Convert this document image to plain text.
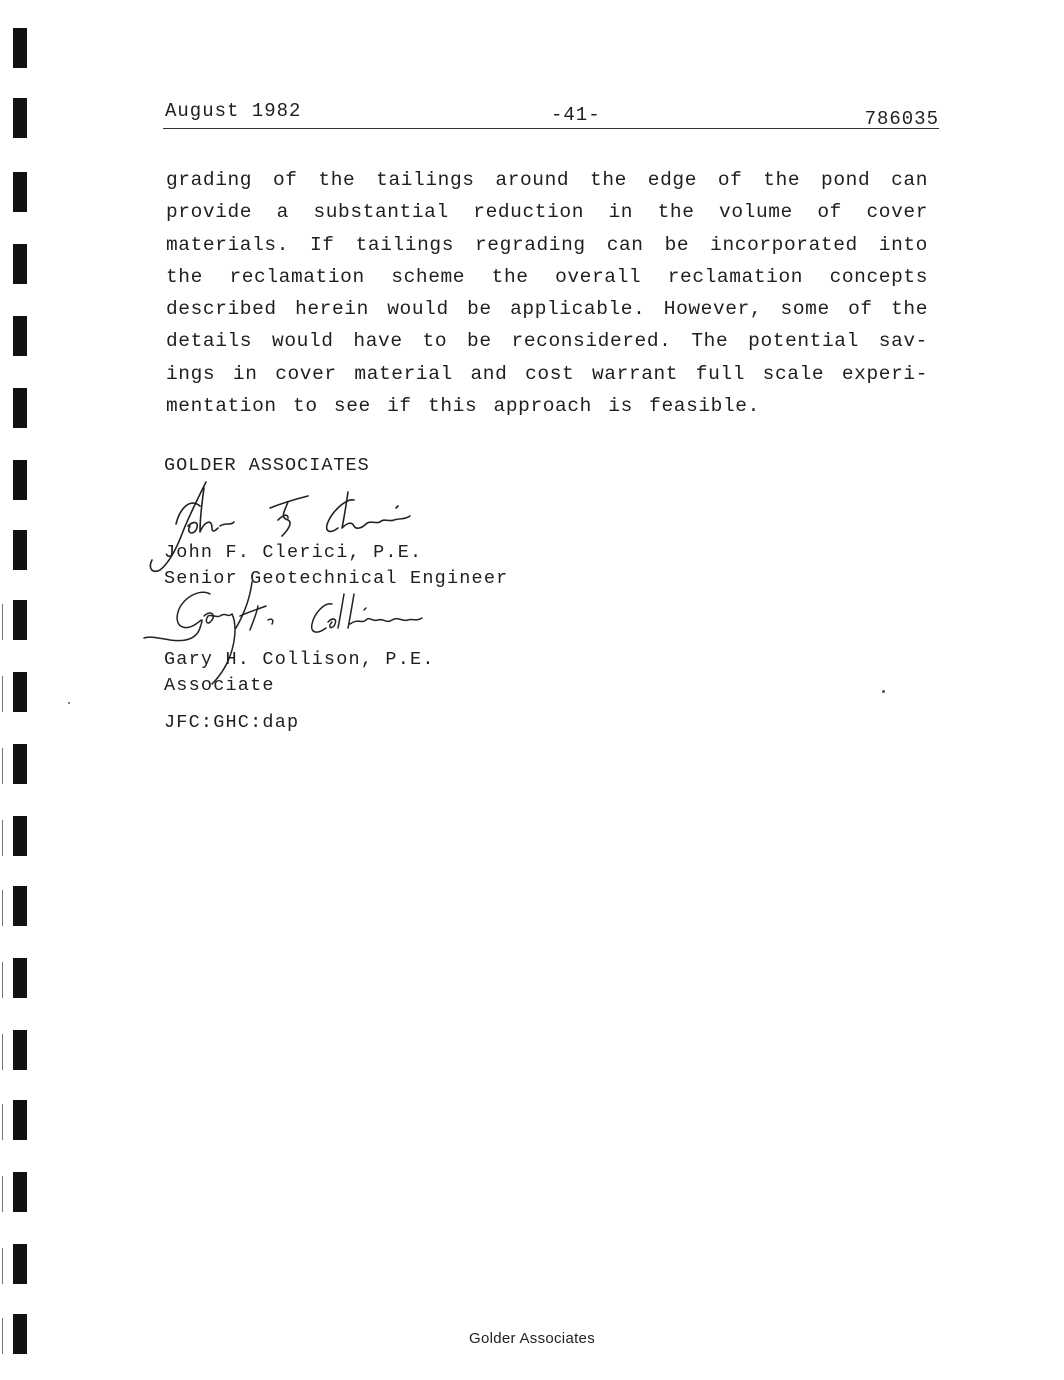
August 1982	-41-	786035
grading of the tailings around the edge of the pond can provide a substantial reduction in the volume of cover materials. If tailings regrading can be incorporated into the reclamation scheme the overall reclamation concepts described herein would be applicable. However, some of the details would have to be reconsidered. The potential sav- ings in cover material and cost warrant full scale experi- mentation to see if this approach is feasible.
GOLDER ASSOCIATES
John F. Clerici, P.E.
Senior Geotechnical Engineer
Gary H. Collison, P.E.
Associate
JFC:GHC:dap
Golder Associates
